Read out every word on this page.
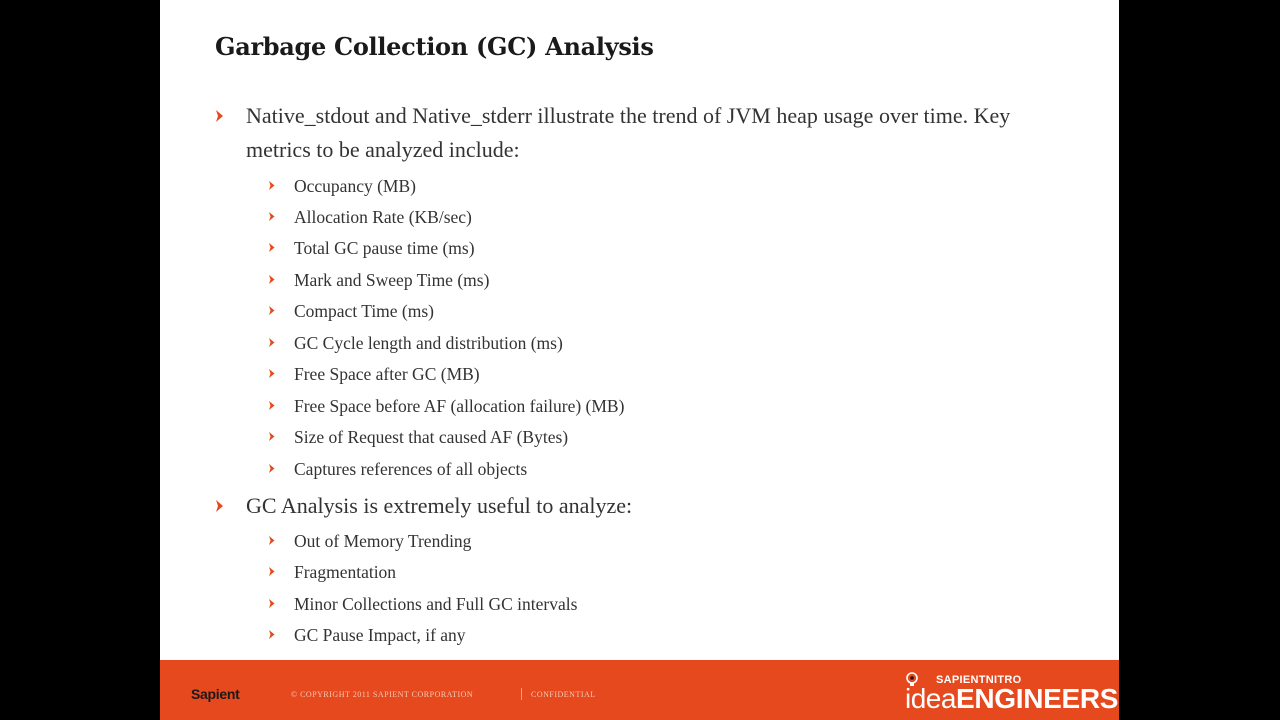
Garbage Collection (GC) Analysis
Native_stdout and Native_stderr illustrate the trend of JVM heap usage over time. Key metrics to be analyzed include:
Occupancy (MB)
Allocation Rate (KB/sec)
Total GC pause time (ms)
Mark and Sweep Time (ms)
Compact Time (ms)
GC Cycle length and distribution (ms)
Free Space after GC (MB)
Free Space before AF (allocation failure) (MB)
Size of Request that caused AF (Bytes)
Captures references of all objects
GC Analysis is extremely useful to analyze:
Out of Memory Trending
Fragmentation
Minor Collections and Full GC intervals
GC Pause Impact, if any
Sapient	© COPYRIGHT 2011 SAPIENT CORPORATION	CONFIDENTIAL
SAPIENTNITRO
ideaENGINEERS
